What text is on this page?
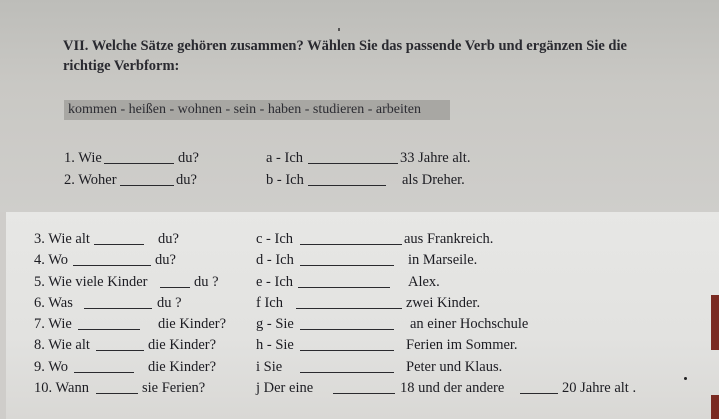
VII. Welche Sätze gehören zusammen? Wählen Sie das passende Verb und ergänzen Sie die richtige Verbform:
kommen - heißen - wohnen - sein - haben - studieren - arbeiten
1. Wie	du?	a - Ich	33 Jahre alt.
2. Woher	du?	b - Ich	als Dreher.
3. Wie alt	du?	c - Ich	aus Frankreich.
4. Wo	du?	d - Ich	in Marseile.
5. Wie viele Kinder	du ?	e - Ich	Alex.
6. Was	du ?	f Ich	zwei Kinder.
7. Wie	die Kinder? g - Sie	an einer Hochschule
8. Wie alt	die Kinder?	h - Sie	Ferien im Sommer.
9. Wo	die Kinder?	i Sie	Peter und Klaus.
10. Wann	sie Ferien?	j Der eine	18 und der andere	20 Jahre alt .
